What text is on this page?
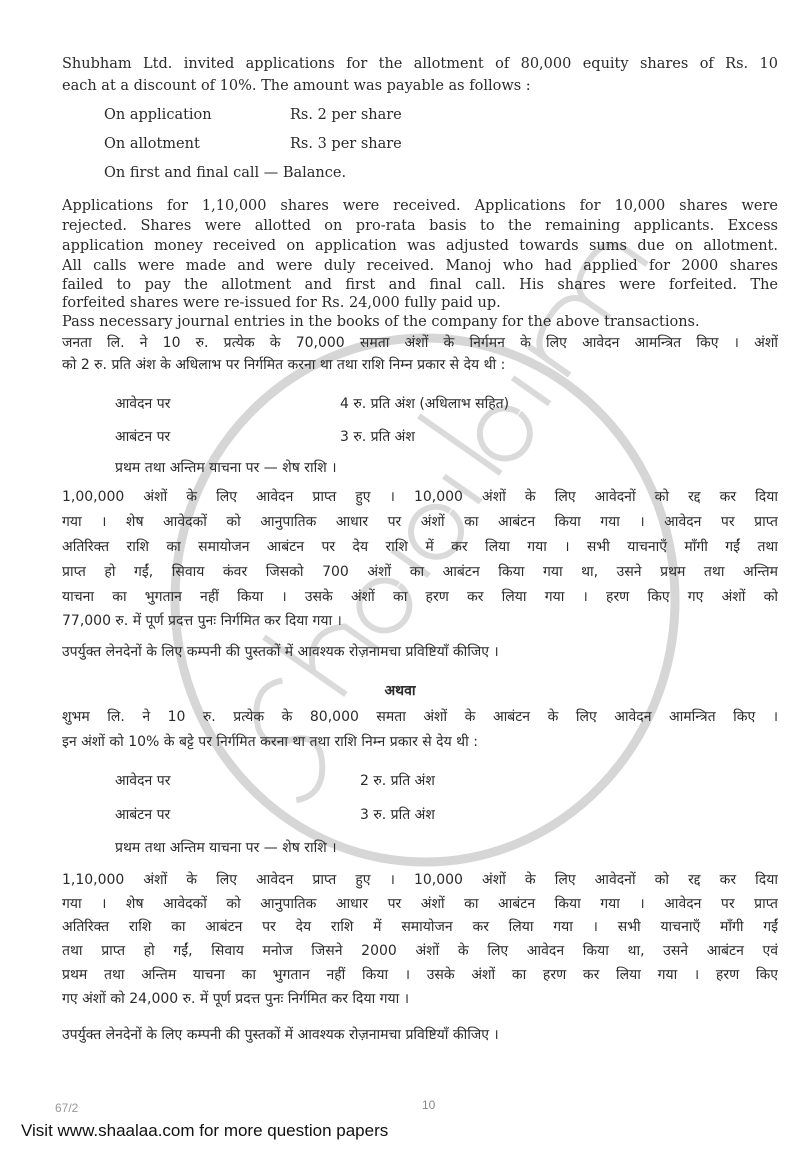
Shubham Ltd. invited applications for the allotment of 80,000 equity shares of Rs. 10
each at a discount of 10%. The amount was payable as follows :
On application	Rs. 2 per share
On allotment	Rs. 3 per share
On first and final call — Balance.
Applications for 1,10,000 shares were received. Applications for 10,000 shares were
rejected. Shares were allotted on pro-rata basis to the remaining applicants. Excess
application money received on application was adjusted towards sums due on allotment.
All calls were made and were duly received. Manoj who had applied for 2000 shares
failed to pay the allotment and first and final call. His shares were forfeited. The
forfeited shares were re-issued for Rs. 24,000 fully paid up.
Pass necessary journal entries in the books of the company for the above transactions.
जनता लि. ने 10 रु. प्रत्येक के 70,000 समता अंशों के निर्गमन के लिए आवेदन आमन्त्रित किए । अंशों
को 2 रु. प्रति अंश के अधिलाभ पर निर्गमित करना था तथा राशि निम्न प्रकार से देय थी :
आवेदन पर	4 रु. प्रति अंश (अधिलाभ सहित)
आबंटन पर	3 रु. प्रति अंश
प्रथम तथा अन्तिम याचना पर — शेष राशि ।
1,00,000 अंशों के लिए आवेदन प्राप्त हुए । 10,000 अंशों के लिए आवेदनों को रद्द कर दिया
गया । शेष आवेदकों को आनुपातिक आधार पर अंशों का आबंटन किया गया । आवेदन पर प्राप्त
अतिरिक्त राशि का समायोजन आबंटन पर देय राशि में कर लिया गया । सभी याचनाएँ माँगी गईं तथा
प्राप्त हो गईं, सिवाय कंवर जिसको 700 अंशों का आबंटन किया गया था, उसने प्रथम तथा अन्तिम
याचना का भुगतान नहीं किया । उसके अंशों का हरण कर लिया गया । हरण किए गए अंशों को
77,000 रु. में पूर्ण प्रदत्त पुनः निर्गमित कर दिया गया ।
उपर्युक्त लेनदेनों के लिए कम्पनी की पुस्तकों में आवश्यक रोज़नामचा प्रविष्टियाँ कीजिए ।
अथवा
शुभम लि. ने 10 रु. प्रत्येक के 80,000 समता अंशों के आबंटन के लिए आवेदन आमन्त्रित किए ।
इन अंशों को 10% के बट्टे पर निर्गमित करना था तथा राशि निम्न प्रकार से देय थी :
आवेदन पर	2 रु. प्रति अंश
आबंटन पर	3 रु. प्रति अंश
प्रथम तथा अन्तिम याचना पर — शेष राशि ।
1,10,000 अंशों के लिए आवेदन प्राप्त हुए । 10,000 अंशों के लिए आवेदनों को रद्द कर दिया
गया । शेष आवेदकों को आनुपातिक आधार पर अंशों का आबंटन किया गया । आवेदन पर प्राप्त
अतिरिक्त राशि का आबंटन पर देय राशि में समायोजन कर लिया गया । सभी याचनाएँ माँगी गईं
तथा प्राप्त हो गईं, सिवाय मनोज जिसने 2000 अंशों के लिए आवेदन किया था, उसने आबंटन एवं
प्रथम तथा अन्तिम याचना का भुगतान नहीं किया । उसके अंशों का हरण कर लिया गया । हरण किए
गए अंशों को 24,000 रु. में पूर्ण प्रदत्त पुनः निर्गमित कर दिया गया ।
उपर्युक्त लेनदेनों के लिए कम्पनी की पुस्तकों में आवश्यक रोज़नामचा प्रविष्टियाँ कीजिए ।
67/2	10
Visit www.shaalaa.com for more question papers
